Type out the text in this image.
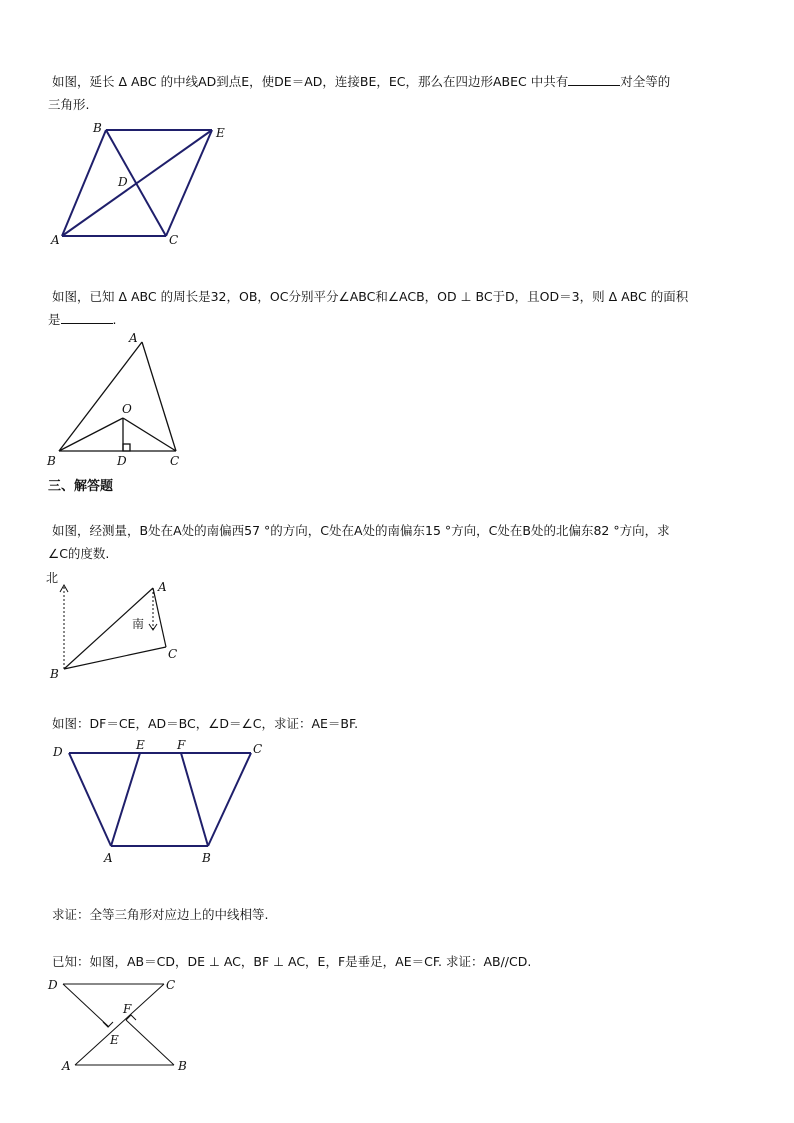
如图，延长 Δ ABC 的中线AD到点E，使DE＝AD，连接BE，EC，那么在四边形ABEC 中共有	对全等的

三角形.

B	E
D
A	C

如图，已知 Δ ABC 的周长是32，OB，OC分别平分∠ABC和∠ACB，OD ⊥ BC于D，且OD＝3，则 Δ ABC 的面积

是	.

A
O
B	D	C

三、解答题

如图，经测量，B处在A处的南偏西57 °的方向，C处在A处的南偏东15 °方向，C处在B处的北偏东82 °方向，求

∠C的度数.

北
南
A
B
C

如图：DF＝CE，AD＝BC，∠D＝∠C，求证：AE＝BF.

D	E	F	C
A	B

求证：全等三角形对应边上的中线相等.

已知：如图，AB＝CD，DE ⊥ AC，BF ⊥ AC，E，F是垂足，AE＝CF. 求证：AB//CD.

D	C
F
E
A	B
